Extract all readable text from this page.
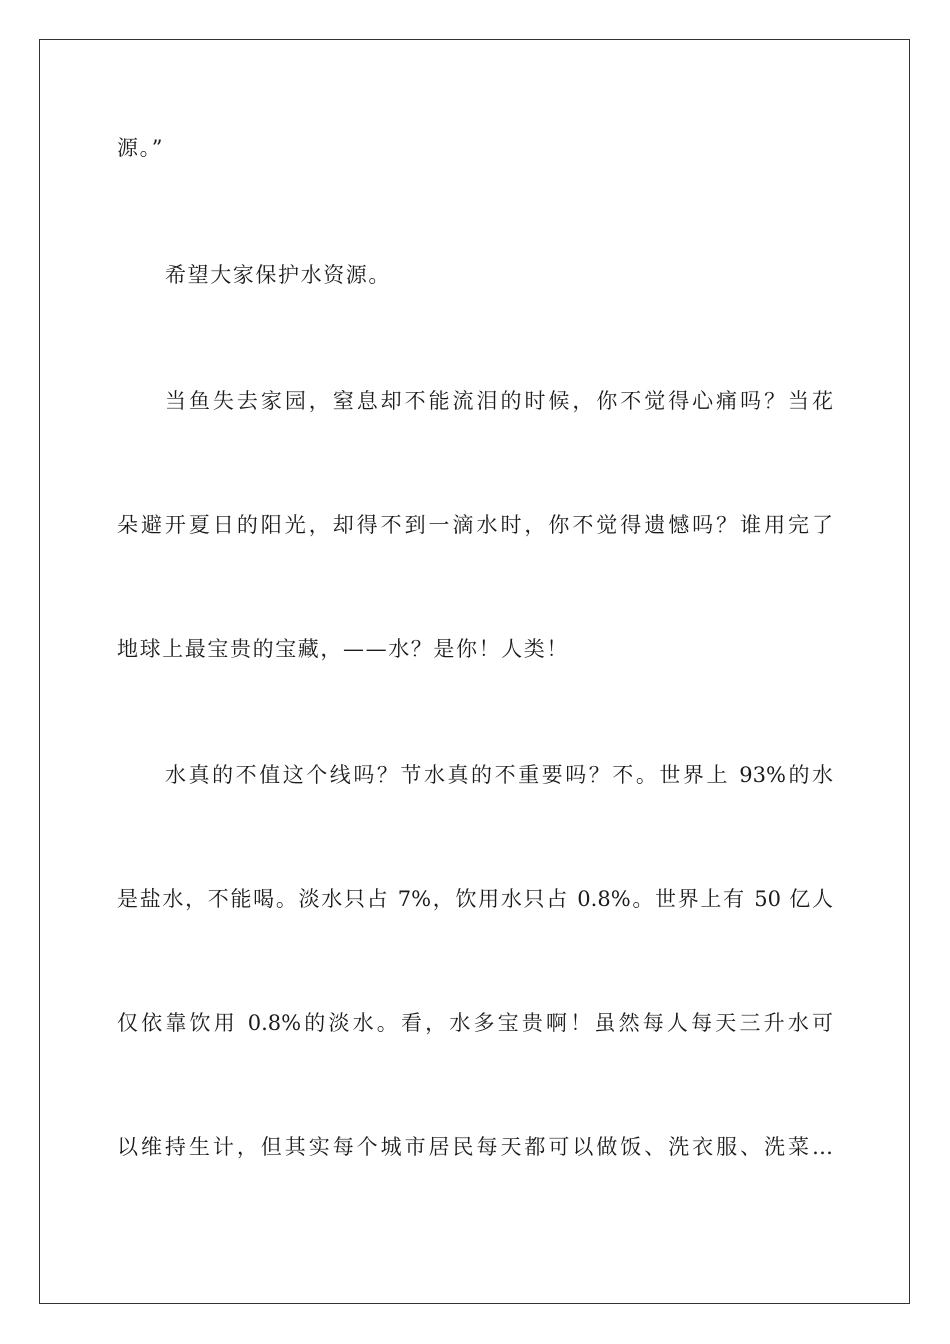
源。”
希望大家保护水资源。
当鱼失去家园，窒息却不能流泪的时候，你不觉得心痛吗？当花
朵避开夏日的阳光，却得不到一滴水时，你不觉得遗憾吗？谁用完了
地球上最宝贵的宝藏，——水？是你！人类！
水真的不值这个线吗？节水真的不重要吗？不。世界上 93%的水
是盐水，不能喝。淡水只占 7%，饮用水只占 0.8%。世界上有 50 亿人
仅依靠饮用 0.8%的淡水。看，水多宝贵啊！虽然每人每天三升水可
以维持生计，但其实每个城市居民每天都可以做饭、洗衣服、洗菜…
